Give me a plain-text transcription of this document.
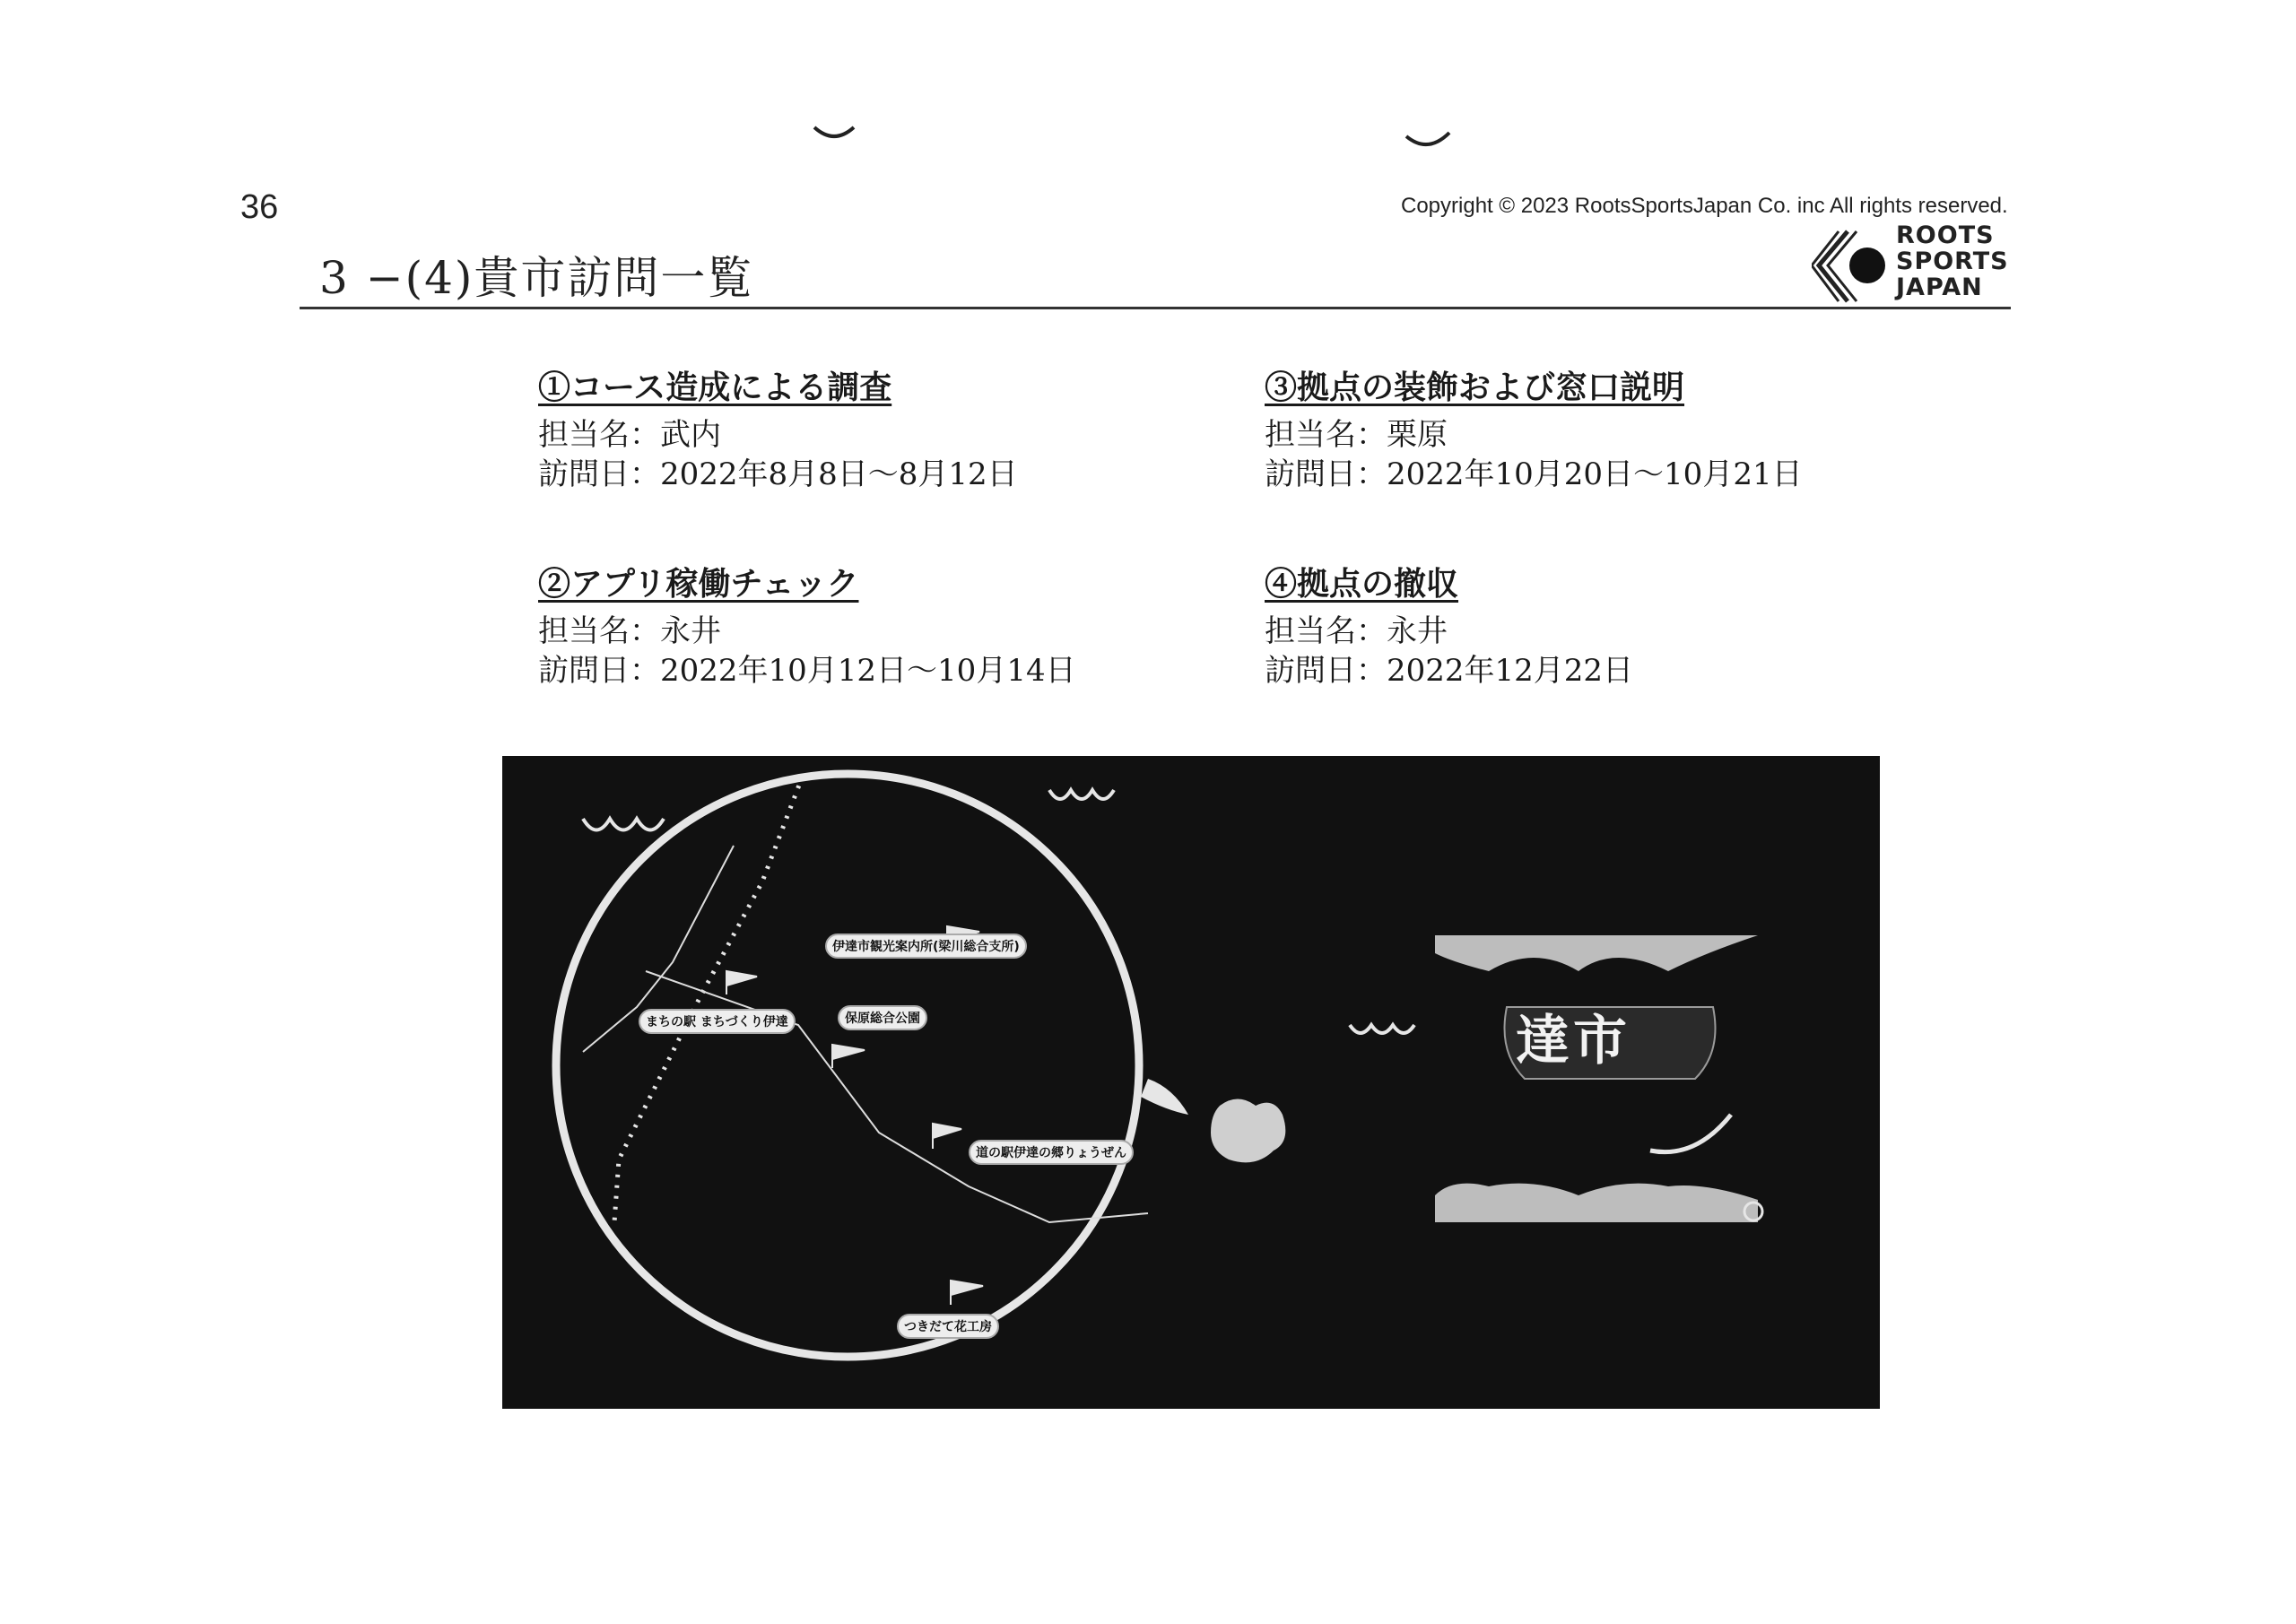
36	Copyright © 2023 RootsSportsJapan Co. inc All rights reserved.
ROOTS
SPORTS
JAPAN
3 −(4)貴市訪問一覧
①コース造成による調査
担当名：武内
訪問日：2022年8月8日～8月12日
②アプリ稼働チェック
担当名：永井
訪問日：2022年10月12日～10月14日
③拠点の装飾および窓口説明
担当名：栗原
訪問日：2022年10月20日～10月21日
④拠点の撤収
担当名：永井
訪問日：2022年12月22日
伊達市観光案内所(梁川総合支所)
まちの駅 まちづくり伊達	保原総合公園
道の駅伊達の郷りょうぜん
つきだて花工房
達市
